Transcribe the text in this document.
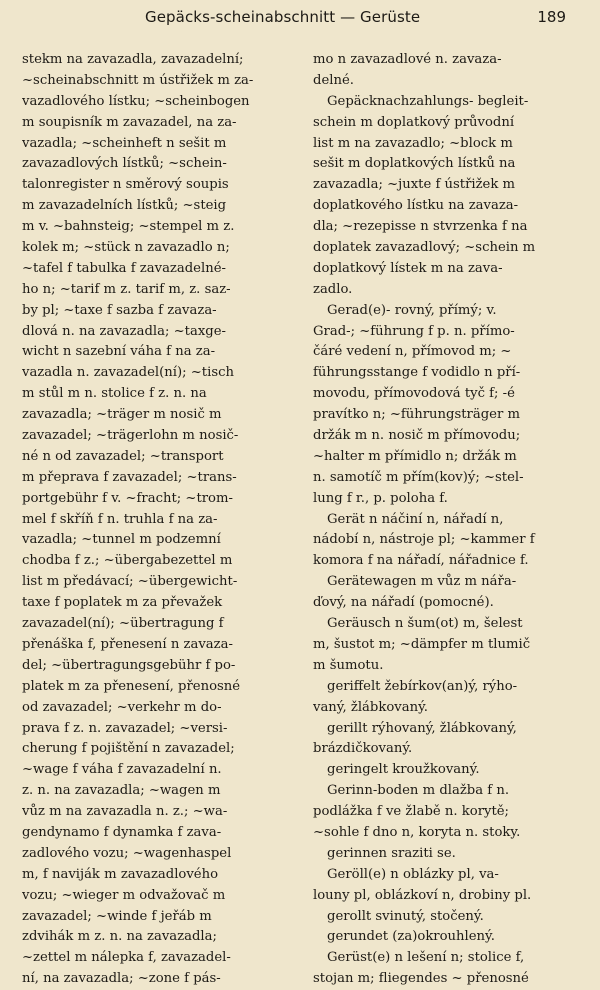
Gepäcks-scheinabschnitt — Gerüste	189
stekm na zavazadla, zavazadelní;
~scheinabschnitt m ústřižek m za-
vazadlového lístku; ~scheinbogen
m soupisník m zavazadel, na za-
vazadla; ~scheinheft n sešit m
zavazadlových lístků; ~schein-
talonregister n směrový soupis
m zavazadelních lístků; ~steig
m v. ~bahnsteig; ~stempel m z.
kolek m; ~stück n zavazadlo n;
~tafel f tabulka f zavazadelné-
ho n; ~tarif m z. tarif m, z. saz-
by pl; ~taxe f sazba f zavaza-
dlová n. na zavazadla; ~taxge-
wicht n sazební váha f na za-
vazadla n. zavazadel(ní); ~tisch
m stůl m n. stolice f z. n. na
zavazadla; ~träger m nosič m
zavazadel; ~trägerlohn m nosič-
né n od zavazadel; ~transport
m přeprava f zavazadel; ~trans-
portgebühr f v. ~fracht; ~trom-
mel f skříň f n. truhla f na za-
vazadla; ~tunnel m podzemní
chodba f z.; ~übergabezettel m
list m předávací; ~übergewicht-
taxe f poplatek m za převažek
zavazadel(ní); ~übertragung f
přenáška f, přenesení n zavaza-
del; ~übertragungsgebühr f po-
platek m za přenesení, přenosné
od zavazadel; ~verkehr m do-
prava f z. n. zavazadel; ~versi-
cherung f pojištění n zavazadel;
~wage f váha f zavazadelní n.
z. n. na zavazadla; ~wagen m
vůz m na zavazadla n. z.; ~wa-
gendynamo f dynamka f zava-
zadlového vozu; ~wagenhaspel
m, f naviják m zavazadlového
vozu; ~wieger m odvažovač m
zavazadel; ~winde f jeřáb m
zdvihák m z. n. na zavazadla;
~zettel m nálepka f, zavazadel-
ní, na zavazadla; ~zone f pás-
mo n zavazadlové n. zavaza-
delné.
Gepäcknachzahlungs- begleit-
schein m doplatkový průvodní
list m na zavazadlo; ~block m
sešit m doplatkových lístků na
zavazadla; ~juxte f ústřižek m
doplatkového lístku na zavaza-
dla; ~rezepisse n stvrzenka f na
doplatek zavazadlový; ~schein m
doplatkový lístek m na zava-
zadlo.
Gerad(e)- rovný, přímý; v.
Grad-; ~führung f p. n. přímo-
čáré vedení n, přímovod m; ~
führungsstange f vodidlo n pří-
movodu, přímovodová tyč f; -é
pravítko n; ~führungsträger m
držák m n. nosič m přímovodu;
~halter m přímidlo n; držák m
n. samotíč m přím(kov)ý; ~stel-
lung f r., p. poloha f.
Gerät n náčiní n, nářadí n,
nádobí n, nástroje pl; ~kammer f
komora f na nářadí, nářadnice f.
Gerätewagen m vůz m nářa-
ďový, na nářadí (pomocné).
Geräusch n šum(ot) m, šelest
m, šustot m; ~dämpfer m tlumič
m šumotu.
geriffelt žebírkov(an)ý, rýho-
vaný, žlábkovaný.
gerillt rýhovaný, žlábkovaný,
brázdičkovaný.
geringelt kroužkovaný.
Gerinn-boden m dlažba f n.
podlážka f ve žlabě n. korytě;
~sohle f dno n, koryta n. stoky.
gerinnen sraziti se.
Geröll(e) n oblázky pl, va-
louny pl, oblázkoví n, drobiny pl.
gerollt svinutý, stočený.
gerundet (za)okrouhlený.
Gerüst(e) n lešení n; stolice f,
stojan m; fliegendes ~ přenosné
